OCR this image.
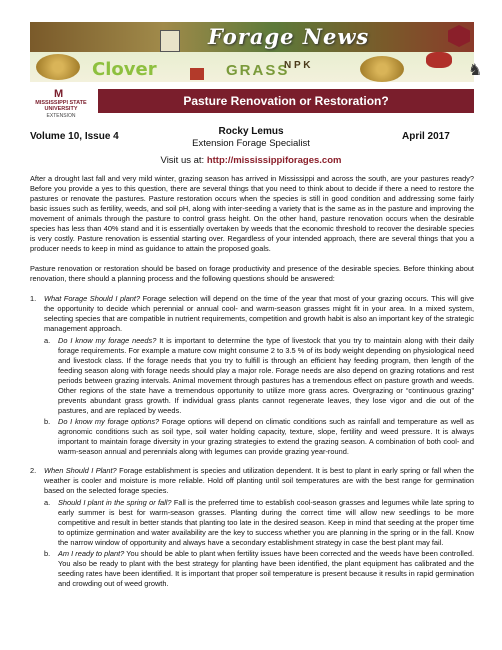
Forage News
Clover	GRASS
N P K	♞
M
MISSISSIPPI STATE UNIVERSITY
EXTENSION
Pasture Renovation or Restoration?
Volume 10, Issue 4	Rocky Lemus	April 2017
Extension Forage Specialist
Visit us at: http://mississippiforages.com

After a drought last fall and very mild winter, grazing season has arrived in Mississippi and across the south, are your pastures ready? Before you provide a yes to this question, there are several things that you need to think about to decide if there a need to restore the pastures or renovate the pastures. Pasture restoration occurs when the species is still in good condition and addressing some fairly basic issues such as fertility, weeds, and soil pH, along with inter-seeding a variety that is the same as in the pasture and improving the movement of animals through the pasture to control grass height. On the other hand, pasture renovation occurs when the desirable species has less than 40% stand and it is essentially overtaken by weeds that the economic threshold to recover the desirable species is very costly. Pasture renovation is essential starting over. Regardless of your intended approach, there are several things that you a producer needs to keep in mind as guidance to attain the proposed goals.

Pasture renovation or restoration should be based on forage productivity and presence of the desirable species. Before thinking about renovation, there should a planning process and the following questions should be answered:

1.	What Forage Should I plant? Forage selection will depend on the time of the year that most of your grazing occurs. This will give the opportunity to decide which perennial or annual cool- and warm-season grasses might fit in your area. In a mixed system, selecting species that are compatible in nutrient requirements, competition and growth habit is also an important key of the strategic management approach.
a.	Do I know my forage needs? It is important to determine the type of livestock that you try to maintain along with their daily forage requirements. For example a mature cow might consume 2 to 3.5 % of its body weight depending on physiological need and livestock class. If the forage needs that you try to fulfill is through an efficient hay feeding program, then length of the feeding season along with forage needs should play a major role. Forage needs are also depend on grazing rotations and rest periods between grazing intervals. Animal movement through pastures has a tremendous effect on pasture growth and weeds. Other regions of the state have a tremendous opportunity to utilize more grass acres. Overgrazing or “continuous grazing” prevents abundant grass growth. If individual grass plants cannot regenerate leaves, they lose vigor and die out of the pastures, and are replaced by weeds.
b.	Do I know my forage options? Forage options will depend on climatic conditions such as rainfall and temperature as well as agronomic conditions such as soil type, soil water holding capacity, texture, slope, fertility and weed pressure. It is always important to maintain forage diversity in your grazing strategies to extend the grazing season. A combination of both cool- and warm-season annual and perennials along with legumes can provide grazing year-round.
2.	When Should I Plant? Forage establishment is species and utilization dependent. It is best to plant in early spring or fall when the weather is cooler and moisture is more reliable. Hold off planting until soil temperatures are with the best range for germination based on the selected forage species.
a.	Should I plant in the spring or fall? Fall is the preferred time to establish cool-season grasses and legumes while late spring to early summer is best for warm-season grasses. Planting during the correct time will allow new seedlings to be more competitive and result in better stands that planting too late in the desired season. Keep in mind that seeding at the proper time to optimize germination and water availability are the key to success whether you are planning in the spring or in the fall. Know the narrow window of opportunity and always have a secondary establishment strategy in case the best plant may fail.
b.	Am I ready to plant? You should be able to plant when fertility issues have been corrected and the weeds have been controlled. You also be ready to plant with the best strategy for planting have been identified, the plant equipment has calibrated and the seeding rates have been identified. It is important that proper soil temperature is present because it results in rapid germination and crowding out of weed growth.
